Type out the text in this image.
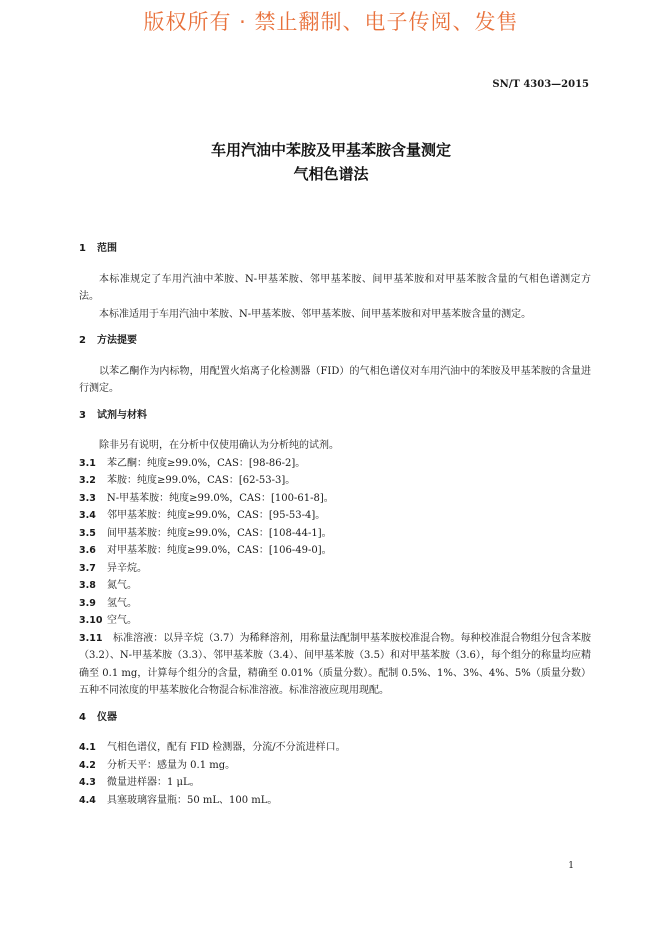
版权所有 · 禁止翻制、电子传阅、发售
SN/T 4303—2015
车用汽油中苯胺及甲基苯胺含量测定
气相色谱法

1 范围

本标准规定了车用汽油中苯胺、N-甲基苯胺、邻甲基苯胺、间甲基苯胺和对甲基苯胺含量的气相色谱测定方法。

本标准适用于车用汽油中苯胺、N-甲基苯胺、邻甲基苯胺、间甲基苯胺和对甲基苯胺含量的测定。

2 方法提要

以苯乙酮作为内标物，用配置火焰离子化检测器（FID）的气相色谱仪对车用汽油中的苯胺及甲基苯胺的含量进行测定。

3 试剂与材料

除非另有说明，在分析中仅使用确认为分析纯的试剂。

3.1	苯乙酮：纯度≥99.0%，CAS：[98-86-2]。

3.2	苯胺：纯度≥99.0%，CAS：[62-53-3]。

3.3	N-甲基苯胺：纯度≥99.0%，CAS：[100-61-8]。

3.4	邻甲基苯胺：纯度≥99.0%，CAS：[95-53-4]。

3.5	间甲基苯胺：纯度≥99.0%，CAS：[108-44-1]。

3.6	对甲基苯胺：纯度≥99.0%，CAS：[106-49-0]。

3.7	异辛烷。

3.8	氮气。

3.9	氢气。

3.10 空气。

3.11 标准溶液：以异辛烷（3.7）为稀释溶剂，用称量法配制甲基苯胺校准混合物。每种校准混合物组分包含苯胺（3.2）、N-甲基苯胺（3.3）、邻甲基苯胺（3.4）、间甲基苯胺（3.5）和对甲基苯胺（3.6），每个组分的称量均应精确至 0.1 mg，计算每个组分的含量，精确至 0.01%（质量分数）。配制 0.5%、1%、3%、4%、5%（质量分数）五种不同浓度的甲基苯胺化合物混合标准溶液。标准溶液应现用现配。

4 仪器

4.1	气相色谱仪，配有 FID 检测器，分流/不分流进样口。

4.2	分析天平：感量为 0.1 mg。

4.3	微量进样器：1 μL。

4.4	具塞玻璃容量瓶：50 mL、100 mL。

1
